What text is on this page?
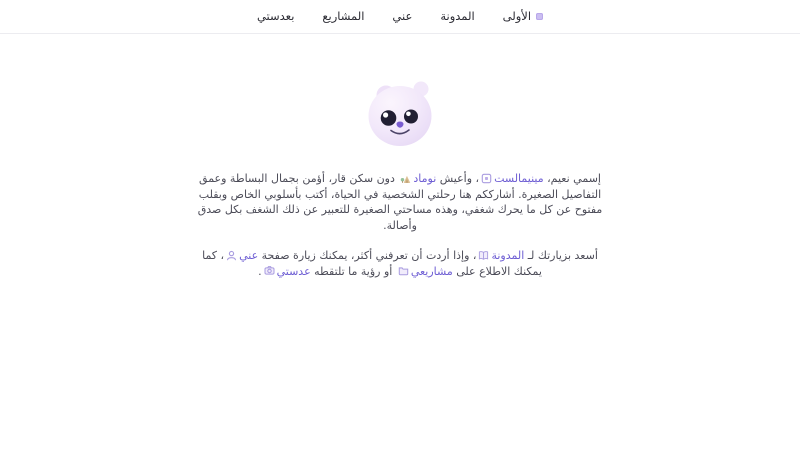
الأولى
المدونة
عني
المشاريع
بعدستي

إسمي نعيم، مينيمالست
، وأعيش نوماد
دون سكن قار، أؤمن بجمال البساطة وعمق التفاصيل الصغيرة. أشارككم هنا رحلتي الشخصية في الحياة، أكتب بأسلوبي الخاص وبقلب مفتوح عن كل ما يحرك شغفي، وهذه مساحتي الصغيرة للتعبير عن ذلك الشغف بكل صدق وأصالة.

أسعد بزيارتك لـ المدونة
، وإذا أردت أن تعرفني أكثر، يمكنك زيارة صفحة عني
، كما يمكنك الاطلاع على مشاريعي
أو رؤية ما تلتقطه عدستي
.
